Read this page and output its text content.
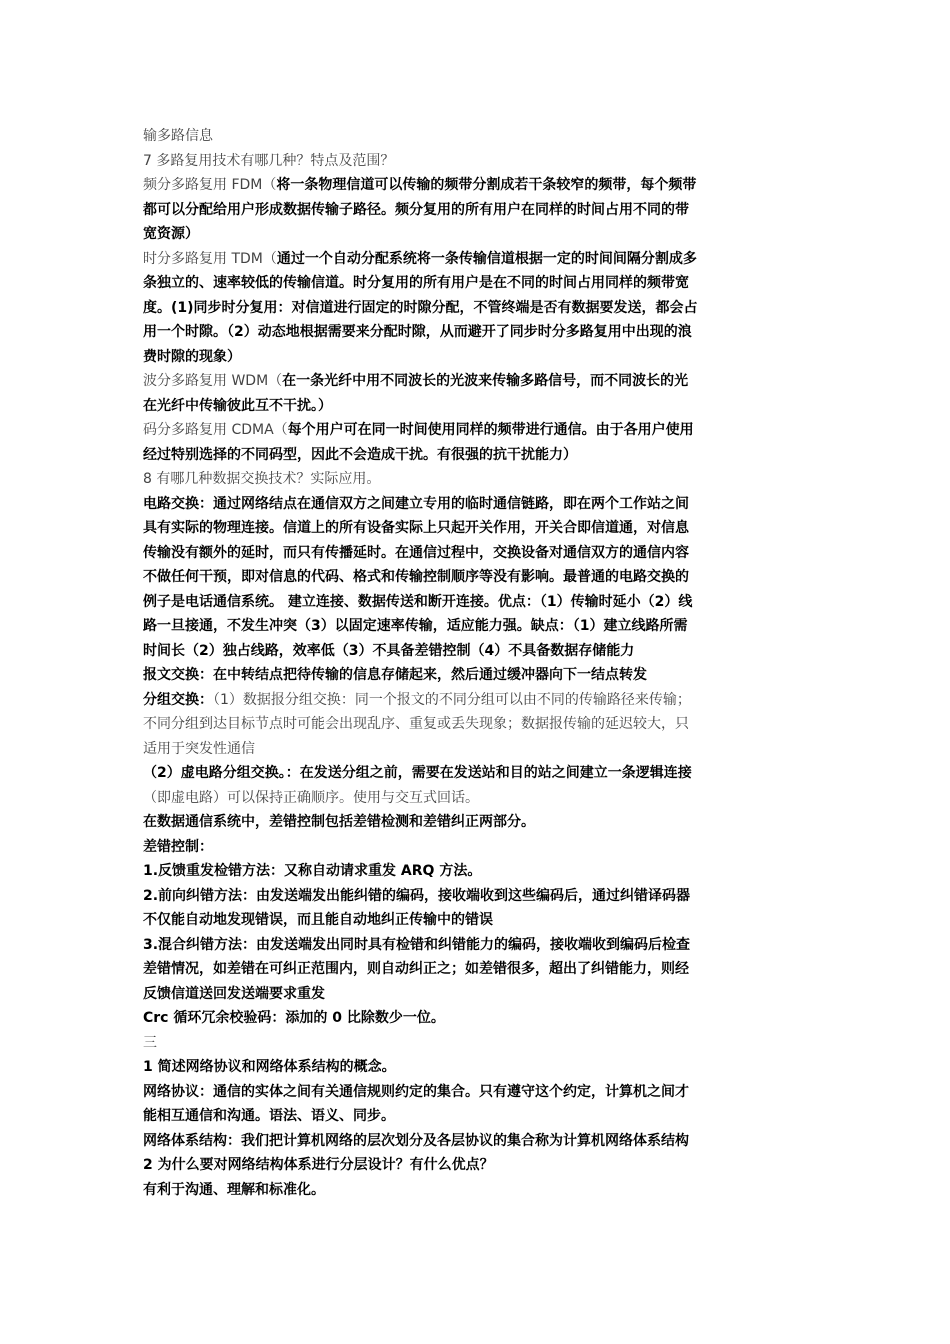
输多路信息
7 多路复用技术有哪几种？特点及范围？
频分多路复用 FDM（将一条物理信道可以传输的频带分割成若干条较窄的频带，每个频带
都可以分配给用户形成数据传输子路径。频分复用的所有用户在同样的时间占用不同的带
宽资源）
时分多路复用 TDM（通过一个自动分配系统将一条传输信道根据一定的时间间隔分割成多
条独立的、速率较低的传输信道。时分复用的所有用户是在不同的时间占用同样的频带宽
度。(1)同步时分复用：对信道进行固定的时隙分配，不管终端是否有数据要发送，都会占
用一个时隙。（2）动态地根据需要来分配时隙，从而避开了同步时分多路复用中出现的浪
费时隙的现象）
波分多路复用 WDM（在一条光纤中用不同波长的光波来传输多路信号，而不同波长的光
在光纤中传输彼此互不干扰。）
码分多路复用 CDMA（每个用户可在同一时间使用同样的频带进行通信。由于各用户使用
经过特别选择的不同码型，因此不会造成干扰。有很强的抗干扰能力）
8 有哪几种数据交换技术？实际应用。
电路交换：通过网络结点在通信双方之间建立专用的临时通信链路，即在两个工作站之间
具有实际的物理连接。信道上的所有设备实际上只起开关作用，开关合即信道通，对信息
传输没有额外的延时，而只有传播延时。在通信过程中，交换设备对通信双方的通信内容
不做任何干预，即对信息的代码、格式和传输控制顺序等没有影响。最普通的电路交换的
例子是电话通信系统。 建立连接、数据传送和断开连接。优点：（1）传输时延小（2）线
路一旦接通，不发生冲突（3）以固定速率传输，适应能力强。缺点：（1）建立线路所需
时间长（2）独占线路，效率低（3）不具备差错控制（4）不具备数据存储能力
报文交换：在中转结点把待传输的信息存储起来，然后通过缓冲器向下一结点转发
分组交换：（1）数据报分组交换：同一个报文的不同分组可以由不同的传输路径来传输；
不同分组到达目标节点时可能会出现乱序、重复或丢失现象；数据报传输的延迟较大，只
适用于突发性通信
（2）虚电路分组交换。：在发送分组之前，需要在发送站和目的站之间建立一条逻辑连接
（即虚电路）可以保持正确顺序。使用与交互式回话。
在数据通信系统中，差错控制包括差错检测和差错纠正两部分。
差错控制：
1.反馈重发检错方法：又称自动请求重发 ARQ 方法。
2.前向纠错方法：由发送端发出能纠错的编码，接收端收到这些编码后，通过纠错译码器
不仅能自动地发现错误，而且能自动地纠正传输中的错误
3.混合纠错方法：由发送端发出同时具有检错和纠错能力的编码，接收端收到编码后检查
差错情况，如差错在可纠正范围内，则自动纠正之；如差错很多，超出了纠错能力，则经
反馈信道送回发送端要求重发
Crc 循环冗余校验码：添加的 0 比除数少一位。
三
1 简述网络协议和网络体系结构的概念。
网络协议：通信的实体之间有关通信规则约定的集合。只有遵守这个约定，计算机之间才
能相互通信和沟通。语法、语义、同步。
网络体系结构：我们把计算机网络的层次划分及各层协议的集合称为计算机网络体系结构
2 为什么要对网络结构体系进行分层设计？有什么优点？
有利于沟通、理解和标准化。
